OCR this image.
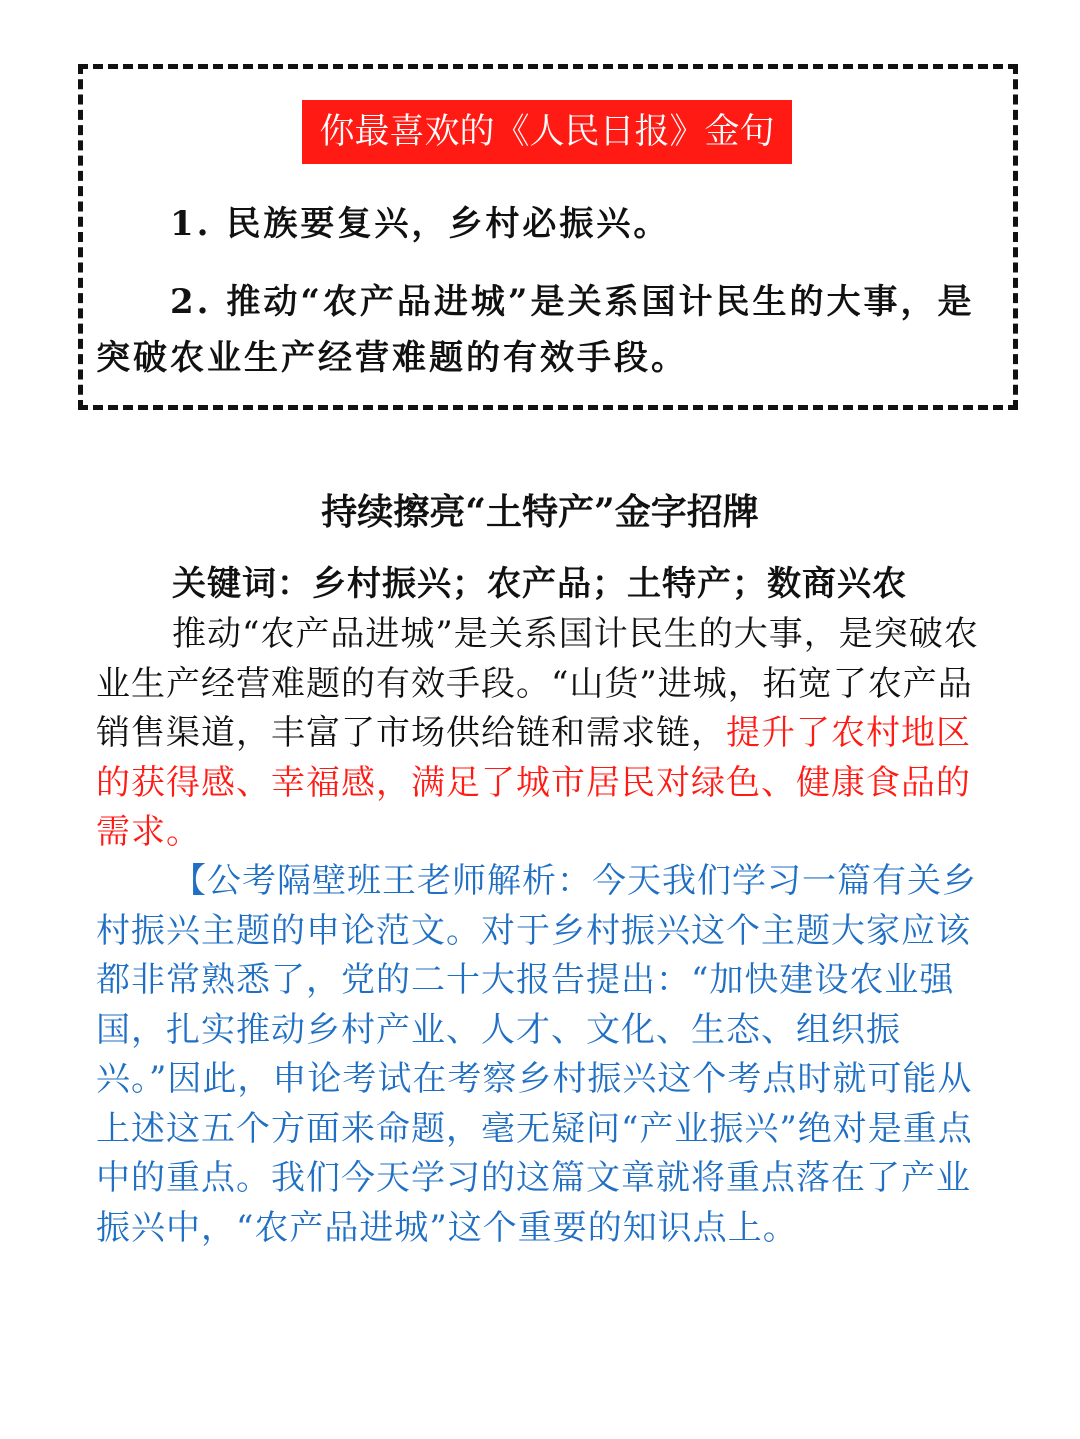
你最喜欢的《人民日报》金句
1. 民族要复兴，乡村必振兴。
2. 推动“农产品进城”是关系国计民生的大事，是突破农业生产经营难题的有效手段。
持续擦亮“土特产”金字招牌
关键词：乡村振兴；农产品；土特产；数商兴农
推动“农产品进城”是关系国计民生的大事，是突破农业生产经营难题的有效手段。“山货”进城，拓宽了农产品销售渠道，丰富了市场供给链和需求链，提升了农村地区的获得感、幸福感，满足了城市居民对绿色、健康食品的需求。
【公考隔壁班王老师解析：今天我们学习一篇有关乡村振兴主题的申论范文。对于乡村振兴这个主题大家应该都非常熟悉了，党的二十大报告提出：“加快建设农业强国，扎实推动乡村产业、人才、文化、生态、组织振兴。”因此，申论考试在考察乡村振兴这个考点时就可能从上述这五个方面来命题，毫无疑问“产业振兴”绝对是重点中的重点。我们今天学习的这篇文章就将重点落在了产业振兴中，“农产品进城”这个重要的知识点上。
